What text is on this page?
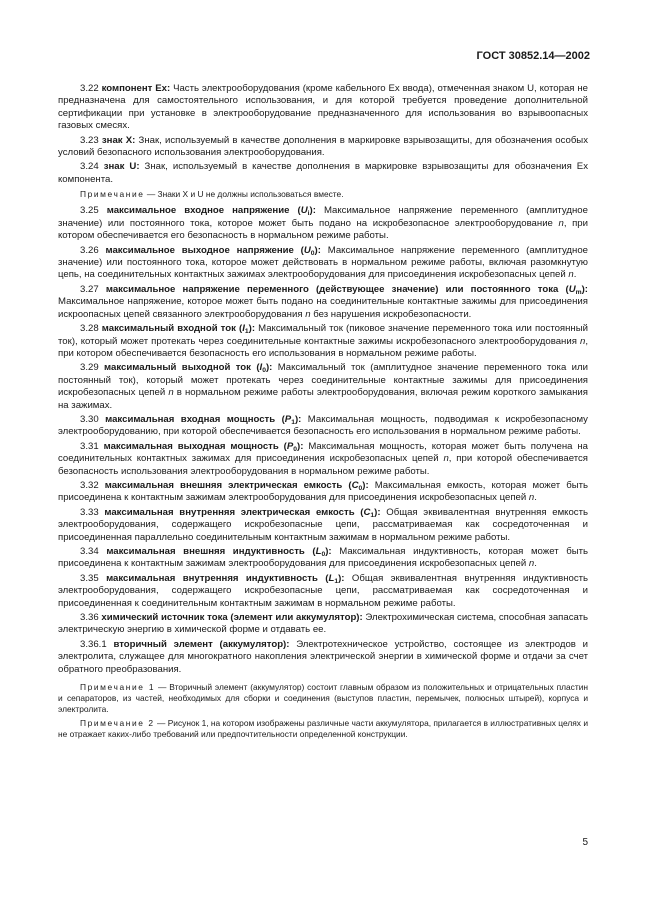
ГОСТ 30852.14—2002

3.22 компонент Ex: Часть электрооборудования (кроме кабельного Ex ввода), отмеченная знаком U, которая не предназначена для самостоятельного использования, и для которой требуется проведение дополнительной сертификации при установке в электрооборудование предназначенного для использования во взрывоопасных газовых смесях.

3.23 знак X: Знак, используемый в качестве дополнения в маркировке взрывозащиты, для обозначения особых условий безопасного использования электрооборудования.

3.24 знак U: Знак, используемый в качестве дополнения в маркировке взрывозащиты для обозначения Ex компонента.

Примечание — Знаки X и U не должны использоваться вместе.

3.25 максимальное входное напряжение $(U_i)$: Максимальное напряжение переменного (амплитудное значение) или постоянного тока, которое может быть подано на искробезопасное электрооборудование n, при котором обеспечивается его безопасность в нормальном режиме работы.

3.26 максимальное выходное напряжение $(U_0)$: Максимальное напряжение переменного (амплитудное значение) или постоянного тока, которое может действовать в нормальном режиме работы, включая разомкнутую цепь, на соединительных контактных зажимах электрооборудования для присоединения искробезопасных цепей n.

3.27 максимальное напряжение переменного (действующее значение) или постоянного тока $(U_m)$: Максимальное напряжение, которое может быть подано на соединительные контактные зажимы для присоединения искроопасных цепей связанного электрооборудования n без нарушения искробезопасности.

3.28 максимальный входной ток $(I_1)$: Максимальный ток (пиковое значение переменного тока или постоянный ток), который может протекать через соединительные контактные зажимы искробезопасного электрооборудования n, при котором обеспечивается безопасность его использования в нормальном режиме работы.

3.29 максимальный выходной ток $(I_0)$: Максимальный ток (амплитудное значение переменного тока или постоянный ток), который может протекать через соединительные контактные зажимы для присоединения искробезопасных цепей n в нормальном режиме работы электрооборудования, включая режим короткого замыкания на зажимах.

3.30 максимальная входная мощность $(P_1)$: Максимальная мощность, подводимая к искробезопасному электрооборудованию, при которой обеспечивается безопасность его использования в нормальном режиме работы.

3.31 максимальная выходная мощность $(P_0)$: Максимальная мощность, которая может быть получена на соединительных контактных зажимах для присоединения искробезопасных цепей n, при которой обеспечивается безопасность использования электрооборудования в нормальном режиме работы.

3.32 максимальная внешняя электрическая емкость $(C_0)$: Максимальная емкость, которая может быть присоединена к контактным зажимам электрооборудования для присоединения искробезопасных цепей n.

3.33 максимальная внутренняя электрическая емкость $(C_1)$: Общая эквивалентная внутренняя емкость электрооборудования, содержащего искробезопасные цепи, рассматриваемая как сосредоточенная и присоединенная параллельно соединительным контактным зажимам в нормальном режиме работы.

3.34 максимальная внешняя индуктивность $(L_0)$: Максимальная индуктивность, которая может быть присоединена к контактным зажимам электрооборудования для присоединения искробезопасных цепей n.

3.35 максимальная внутренняя индуктивность $(L_1)$: Общая эквивалентная внутренняя индуктивность электрооборудования, содержащего искробезопасные цепи, рассматриваемая как сосредоточенная и присоединенная к соединительным контактным зажимам в нормальном режиме работы.

3.36 химический источник тока (элемент или аккумулятор): Электрохимическая система, способная запасать электрическую энергию в химической форме и отдавать ее.

3.36.1 вторичный элемент (аккумулятор): Электротехническое устройство, состоящее из электродов и электролита, служащее для многократного накопления электрической энергии в химической форме и отдачи за счет обратного преобразования.

Примечание 1 — Вторичный элемент (аккумулятор) состоит главным образом из положительных и отрицательных пластин и сепараторов, из частей, необходимых для сборки и соединения (выступов пластин, перемычек, полюсных штырей), корпуса и электролита.

Примечание 2 — Рисунок 1, на котором изображены различные части аккумулятора, прилагается в иллюстративных целях и не отражает каких-либо требований или предпочтительности определенной конструкции.

5
